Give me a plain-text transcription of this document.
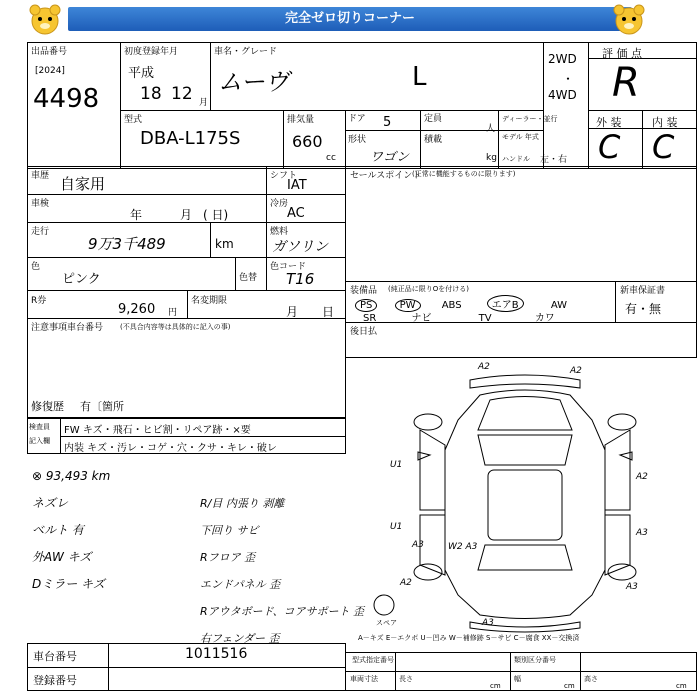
完全ゼロ切りコーナー
出品番号
[2024]
4498
初度登録年月
平成
18 12 月
車名・グレード
ムーヴ	L
2WD
・
4WD
評 価 点
R
外 装	内 装
C C
型式
DBA-L175S
排気量
660
cc
ドア 5	定員
人
形状
ワゴン
積載
kg
ディーラー・並行
モデル 年式
ハンドル 左・右
車歴 自家用	シフト
IAT
車検
年	月 ( 日)
冷房
AC
走行
9万3千489	km
燃料
ガソリン
色
ピンク	色替
色コード
T16
R券
9,260 円
名変期限
月 日
注意事項車台番号 (不具合内容等は具体的に記入の事)
修復歴 有〔箇所
セールスポイント
(正常に機能するものに限ります)
装備品 (純正品に限りOを付ける)	新車保証書
有・無
PS	PW	ABS	エアB	AW
SR	ナビ	TV	カワ
後日払
検査員
記入欄
FW キズ・飛石・ヒビ割・リペア跡・×要
内装 キズ・汚レ・コゲ・穴・クサ・キレ・破レ
⊗ 93,493 km
ネズレ
ベルト 有
外AW キズ
Dミラー キズ
R/目 内張り 剥離
下回り サビ
Rフロア 歪
エンドパネル 歪
Rアウタボード、コアサポート 歪
右フェンダー 歪
A2	A2
U1
A2
U1
A3
A3	W2 A3
A2	A3
A3
スペア
A－キズ E－エクボ U－凹み W－補修跡 S－サビ C－腐食 XX－交換済
車台番号	1011516
登録番号
型式指定番号	類別区分番号
車両寸法	長さ
cm
幅
cm
高さ
cm
